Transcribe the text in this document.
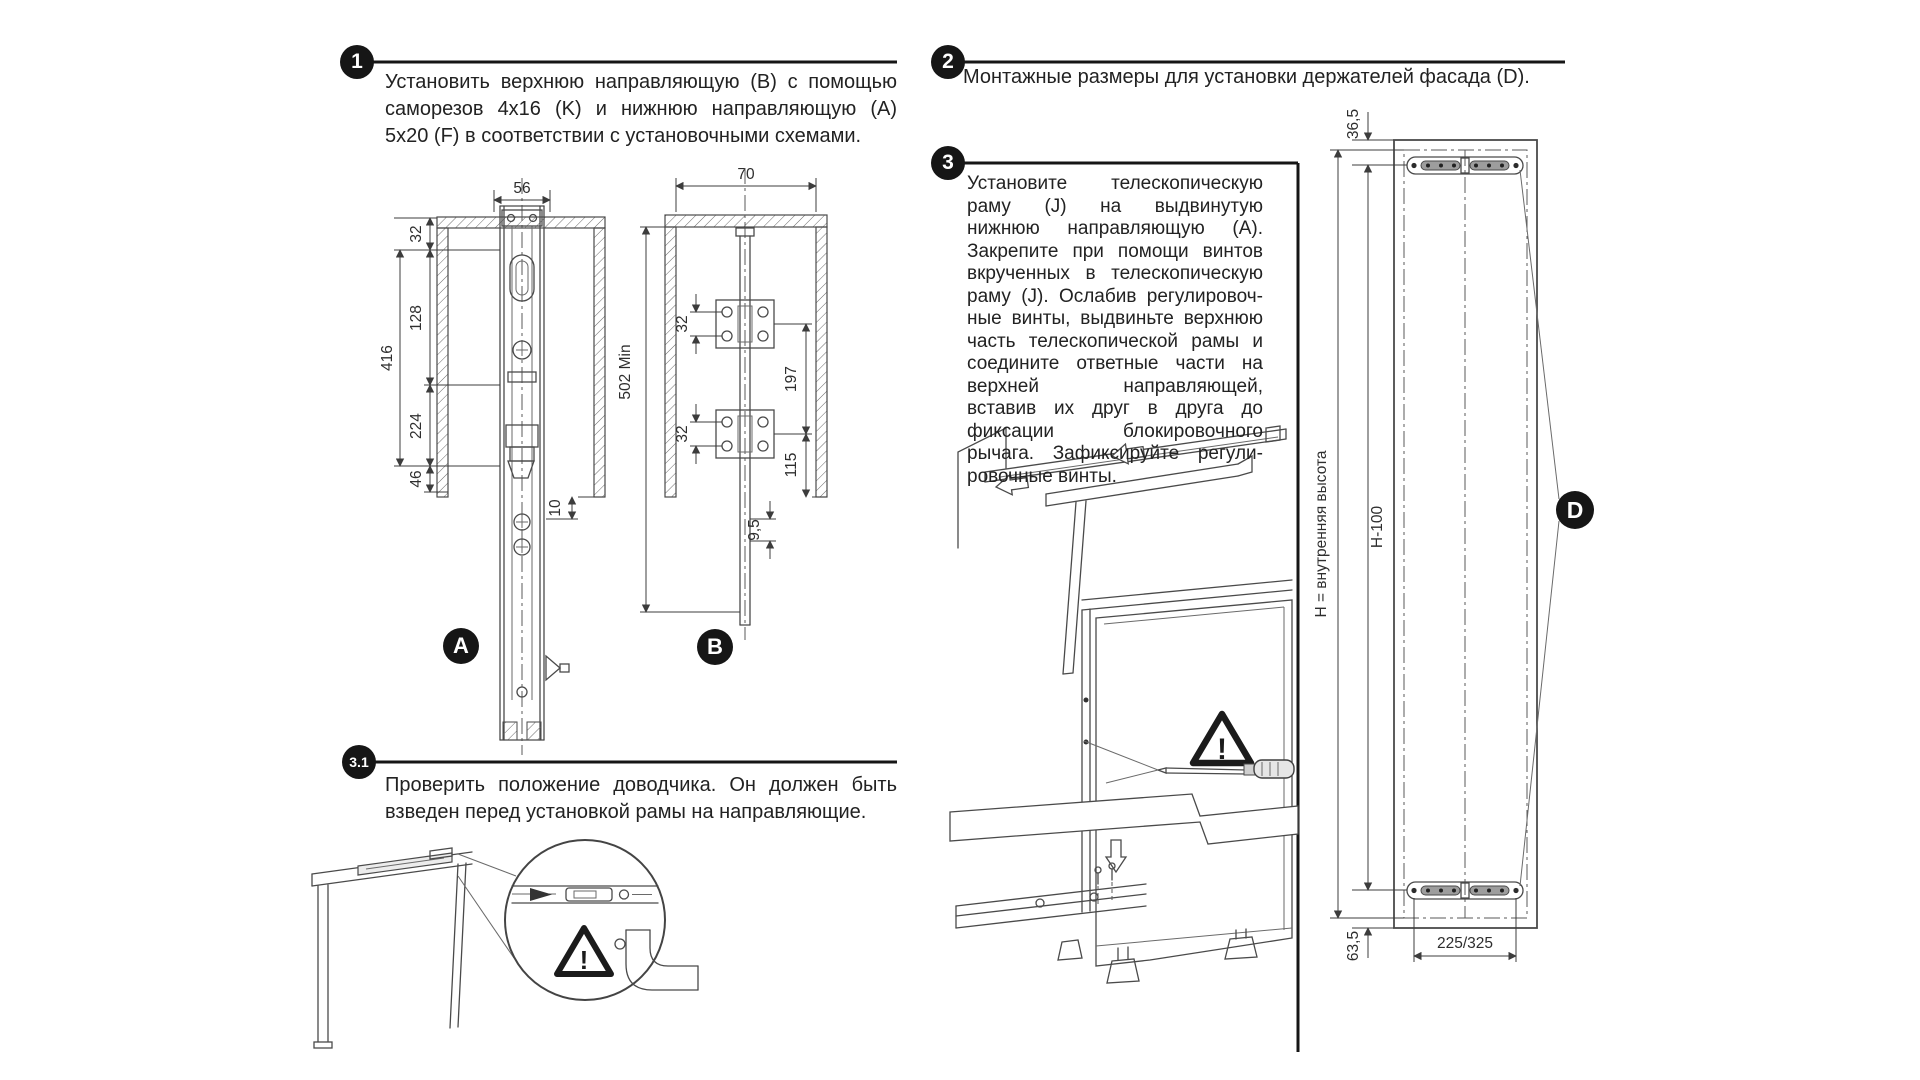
56
32
128
224
46
416
10
70
32
32
197
115
9,5
502 Min
36,5
H-100
H = внутренняя высота
63,5	225/325
!
!
1	2
3
3.1
A	B
D
Установить верхнюю направляющую (B) с помощью
саморезов 4x16 (K) и нижнюю направляющую (A)
5x20 (F) в соответствии с установочными схемами.
Монтажные размеры для установки держателей фасада (D).
Установите телескопическую
раму (J) на выдвинутую
нижнюю направляющую (A).
Закрепите при помощи винтов
вкрученных в телескопическую
раму (J). Ослабив регулировоч-
ные винты, выдвиньте верхнюю
часть телескопической рамы и
соедините ответные части на
верхней направляющей,
вставив их друг в друга до
фиксации блокировочного
рычага. Зафиксируйте регули-
ровочные винты.
Проверить положение доводчика. Он должен быть
взведен перед установкой рамы на направляющие.
